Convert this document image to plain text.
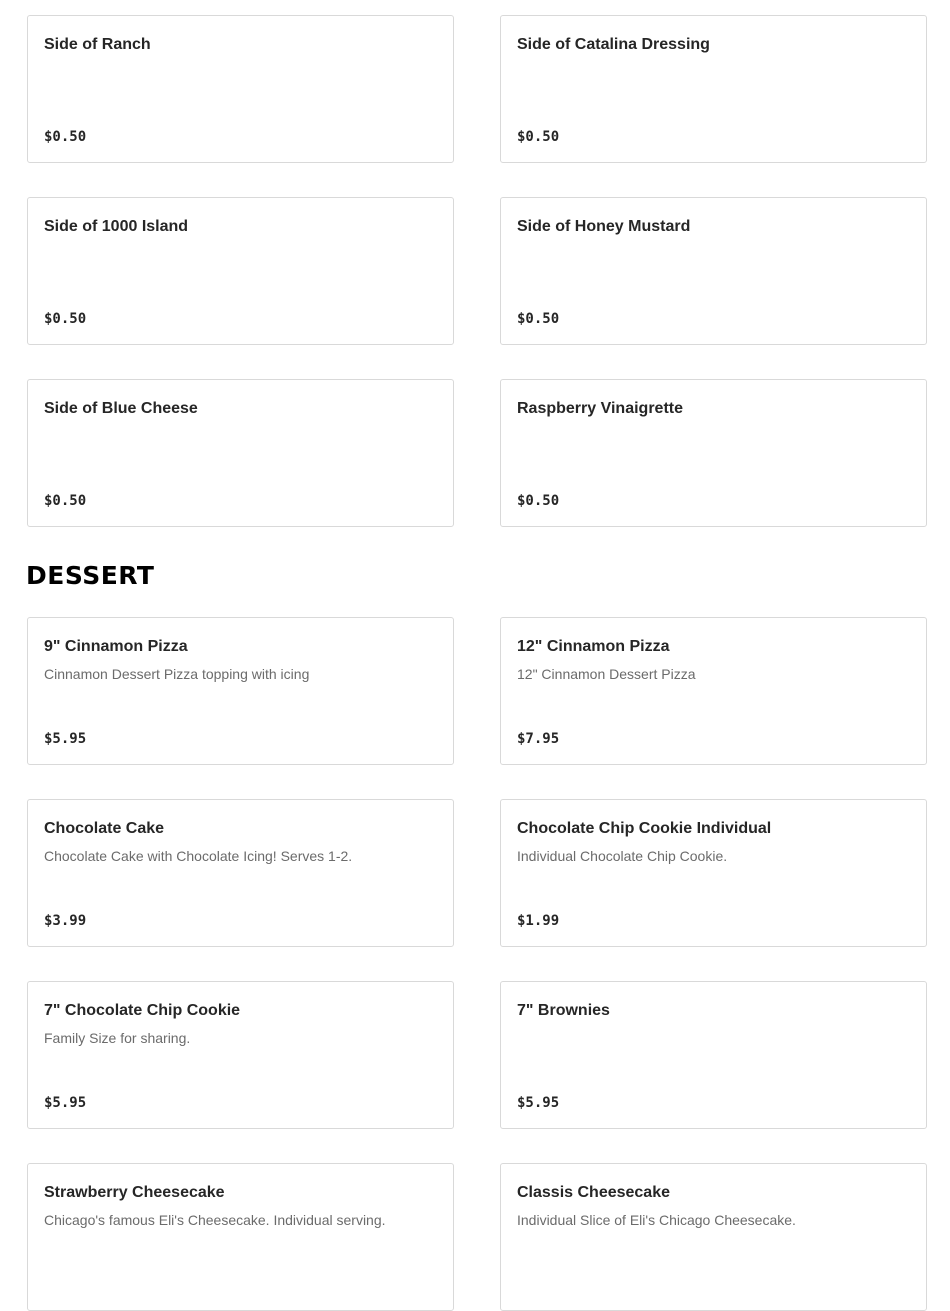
Side of Ranch
$0.50
Side of Catalina Dressing
$0.50
Side of 1000 Island
$0.50
Side of Honey Mustard
$0.50
Side of Blue Cheese
$0.50
Raspberry Vinaigrette
$0.50
DESSERT
9" Cinnamon Pizza
Cinnamon Dessert Pizza topping with icing
$5.95
12" Cinnamon Pizza
12" Cinnamon Dessert Pizza
$7.95
Chocolate Cake
Chocolate Cake with Chocolate Icing! Serves 1-2.
$3.99
Chocolate Chip Cookie Individual
Individual Chocolate Chip Cookie.
$1.99
7" Chocolate Chip Cookie
Family Size for sharing.
$5.95
7" Brownies
$5.95
Strawberry Cheesecake
Chicago's famous Eli's Cheesecake. Individual serving.
Classis Cheesecake
Individual Slice of Eli's Chicago Cheesecake.
